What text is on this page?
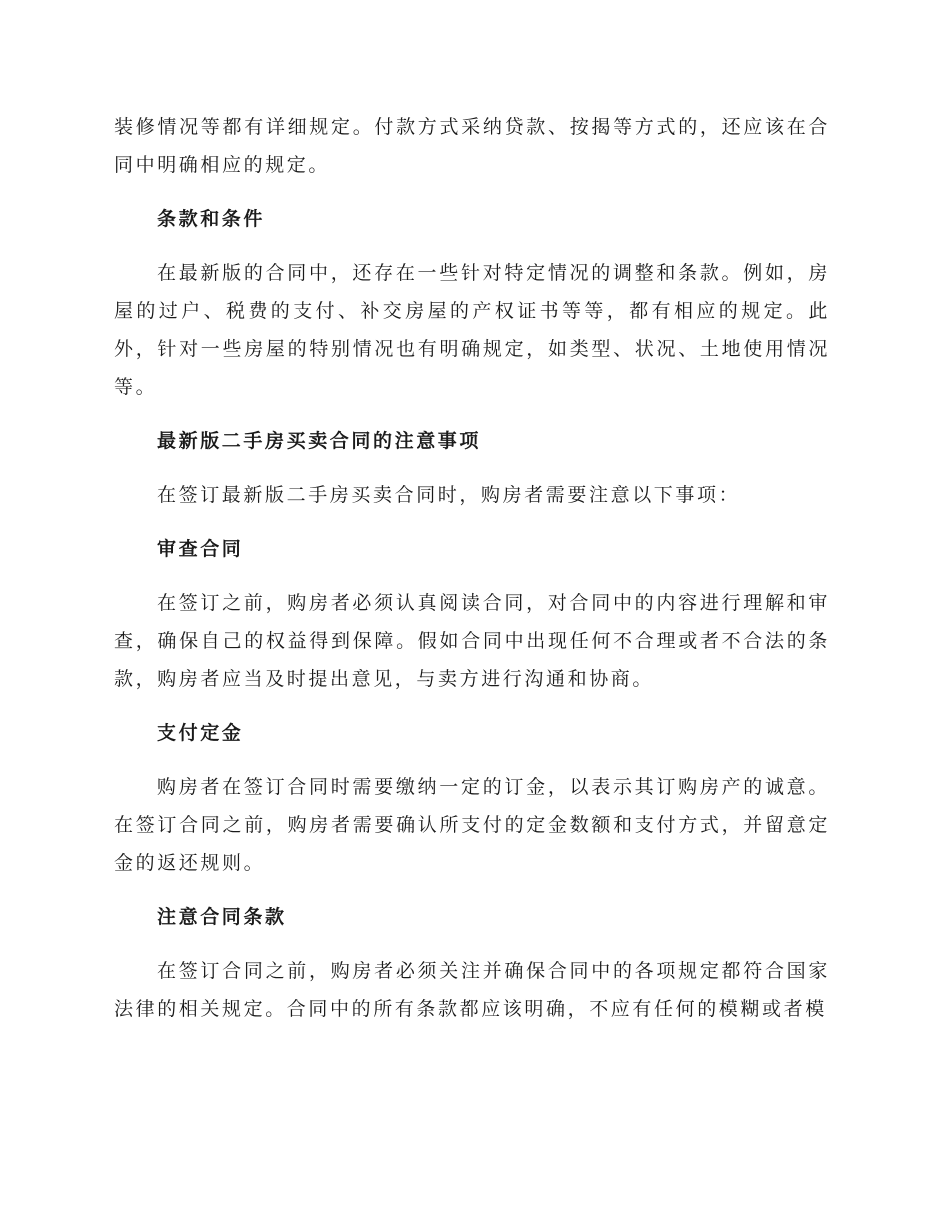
装修情况等都有详细规定。付款方式采纳贷款、按揭等方式的，还应该在合同中明确相应的规定。

条款和条件

在最新版的合同中，还存在一些针对特定情况的调整和条款。例如，房屋的过户、税费的支付、补交房屋的产权证书等等，都有相应的规定。此外，针对一些房屋的特别情况也有明确规定，如类型、状况、土地使用情况等。

最新版二手房买卖合同的注意事项

在签订最新版二手房买卖合同时，购房者需要注意以下事项：

审查合同

在签订之前，购房者必须认真阅读合同，对合同中的内容进行理解和审查，确保自己的权益得到保障。假如合同中出现任何不合理或者不合法的条款，购房者应当及时提出意见，与卖方进行沟通和协商。

支付定金

购房者在签订合同时需要缴纳一定的订金，以表示其订购房产的诚意。在签订合同之前，购房者需要确认所支付的定金数额和支付方式，并留意定金的返还规则。

注意合同条款

在签订合同之前，购房者必须关注并确保合同中的各项规定都符合国家法律的相关规定。合同中的所有条款都应该明确，不应有任何的模糊或者模
